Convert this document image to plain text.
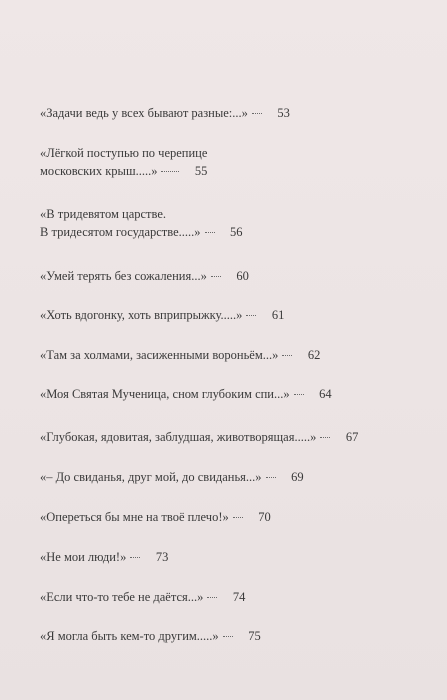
«Задачи ведь у всех бывают разные:...»	53
«Лёгкой поступью по черепице
московских крыш.....»	55
«В тридевятом царстве.
В тридесятом государстве.....»	56
«Умей терять без сожаления...»	60
«Хоть вдогонку, хоть вприпрыжку.....»	61
«Там за холмами, засиженными вороньём...»	62
«Моя Святая Мученица, сном глубоким спи...»	64
«Глубокая, ядовитая, заблудшая, животворящая.....»	67
«– До свиданья, друг мой, до свиданья...»	69
«Опереться бы мне на твоё плечо!»	70
«Не мои люди!»	73
«Если что-то тебе не даётся...»	74
«Я могла быть кем-то другим.....»	75
